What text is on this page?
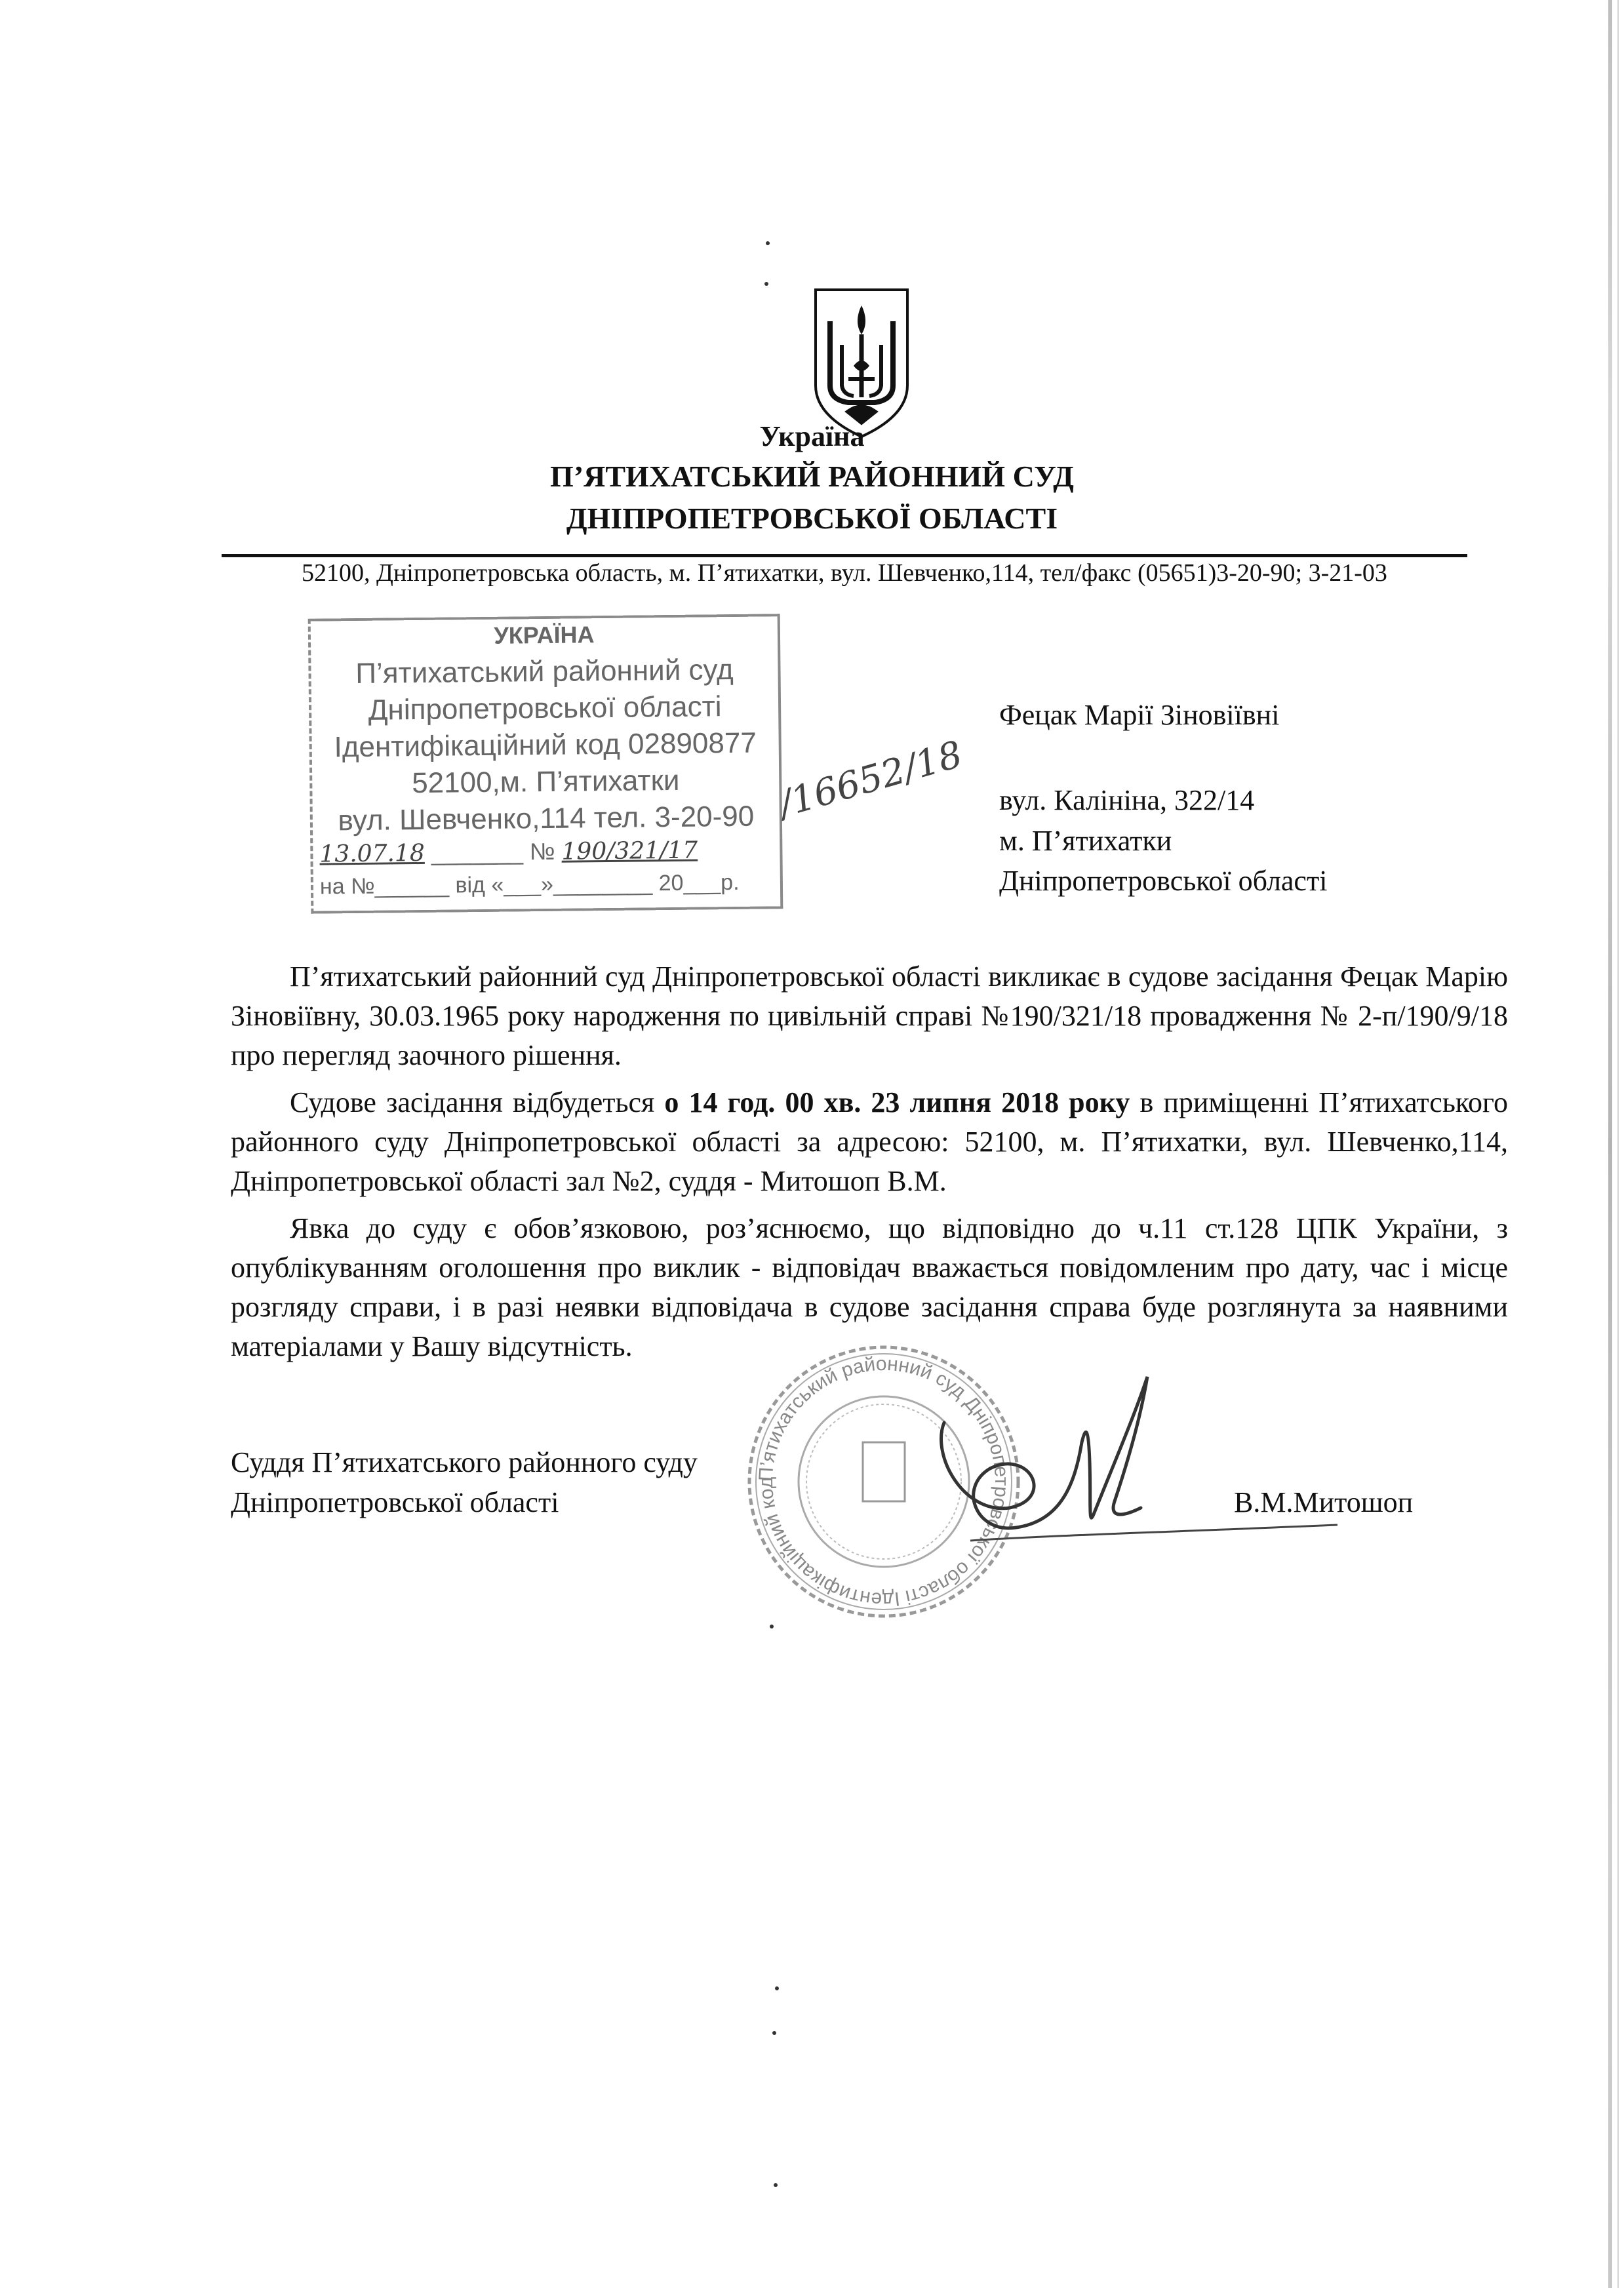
Україна
П’ЯТИХАТСЬКИЙ РАЙОННИЙ СУД
ДНІПРОПЕТРОВСЬКОЇ ОБЛАСТІ
52100, Дніпропетровська область, м. П’ятихатки, вул. Шевченко,114, тел/факс (05651)3-20-90; 3-21-03
УКРАЇНА
П’ятихатський районний суд
Дніпропетровської області
Ідентифікаційний код 02890877
52100,м. П’ятихатки
вул. Шевченко,114 тел. 3-20-90
13.07.18 _______ № 190/321/17
на №______ від «___»________ 20___р.
/16652/18
Фецак Марії Зіновіївні
вул. Калініна, 322/14
м. П’ятихатки
Дніпропетровської області

П’ятихатський районний суд Дніпропетровської області викликає в судове засідання Фецак Марію Зіновіївну, 30.03.1965 року народження по цивільній справі №190/321/18 провадження № 2-п/190/9/18 про перегляд заочного рішення.

Судове засідання відбудеться о 14 год. 00 хв. 23 липня 2018 року в приміщенні П’ятихатського районного суду Дніпропетровської області за адресою: 52100, м. П’ятихатки, вул. Шевченко,114, Дніпропетровської області зал №2, суддя - Митошоп В.М.

Явка до суду є обов’язковою, роз’яснюємо, що відповідно до ч.11 ст.128 ЦПК України, з опублікуванням оголошення про виклик - відповідач вважається повідомленим про дату, час і місце розгляду справи, і в разі неявки відповідача в судове засідання справа буде розглянута за наявними матеріалами у Вашу відсутність.

П’ятихатський районний суд Дніпропетровської області Ідентифікаційний код
Суддя П’ятихатського районного суду
Дніпропетровської області	В.М.Митошоп
